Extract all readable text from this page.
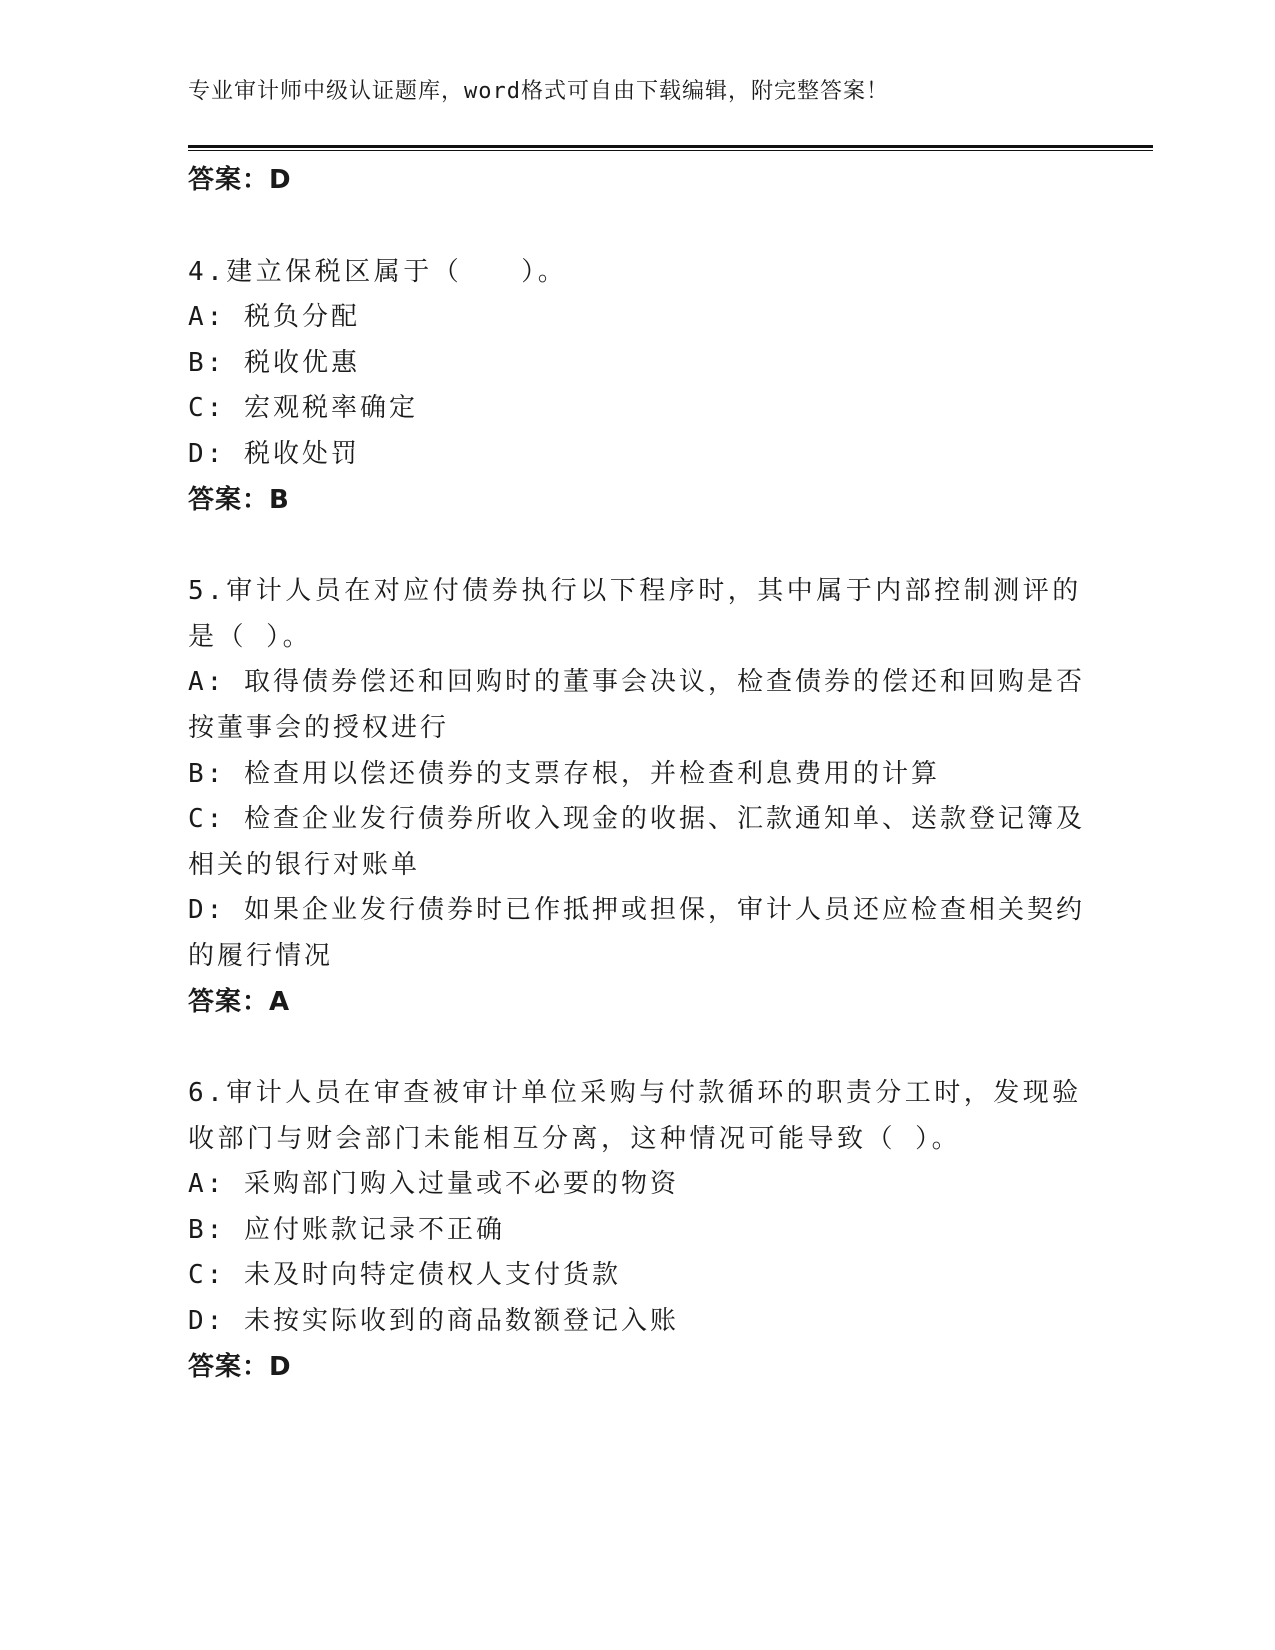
专业审计师中级认证题库，word格式可自由下载编辑，附完整答案！
答案：D
4.建立保税区属于（　　）。
A: 税负分配
B: 税收优惠
C: 宏观税率确定
D: 税收处罚
答案：B
5.审计人员在对应付债券执行以下程序时，其中属于内部控制测评的
是（ ）。
A: 取得债券偿还和回购时的董事会决议，检查债券的偿还和回购是否
按董事会的授权进行
B: 检查用以偿还债券的支票存根，并检查利息费用的计算
C: 检查企业发行债券所收入现金的收据、汇款通知单、送款登记簿及
相关的银行对账单
D: 如果企业发行债券时已作抵押或担保，审计人员还应检查相关契约
的履行情况
答案：A
6.审计人员在审查被审计单位采购与付款循环的职责分工时，发现验
收部门与财会部门未能相互分离，这种情况可能导致（ ）。
A: 采购部门购入过量或不必要的物资
B: 应付账款记录不正确
C: 未及时向特定债权人支付货款
D: 未按实际收到的商品数额登记入账
答案：D
